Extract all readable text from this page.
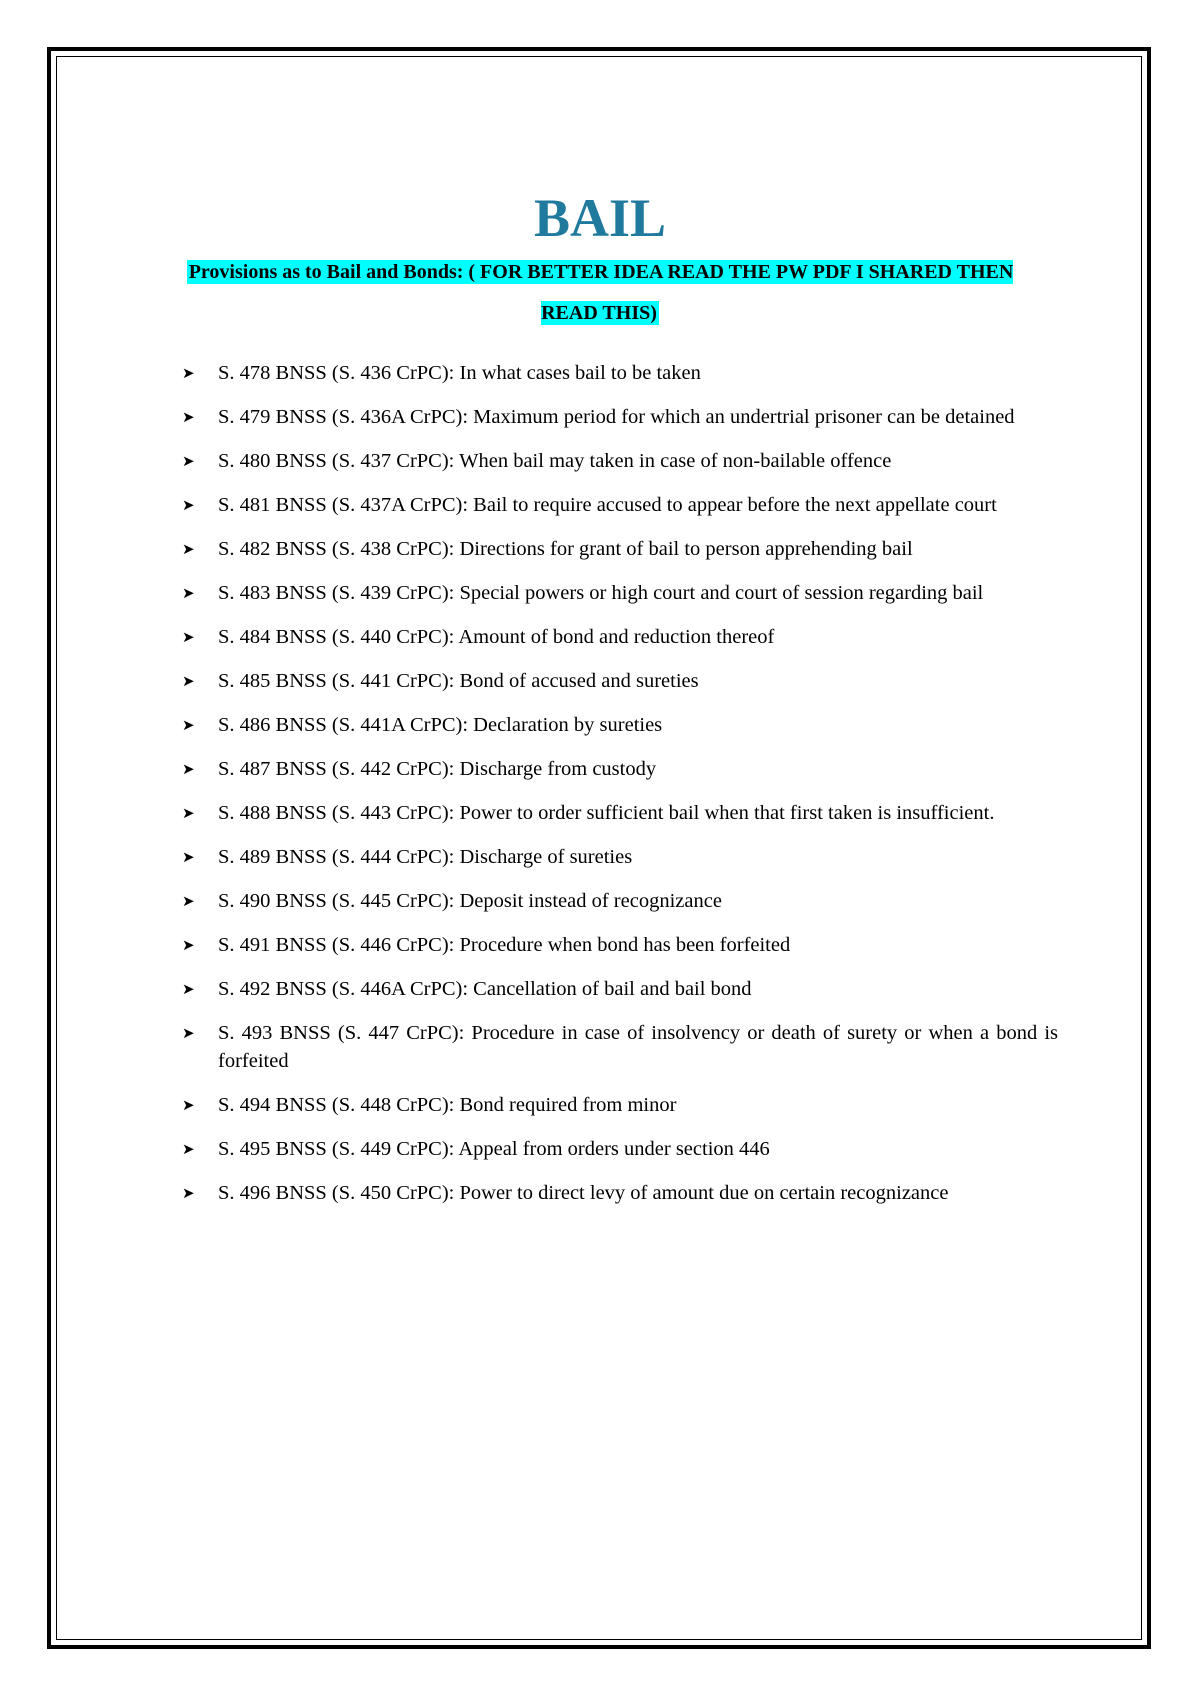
BAIL
Provisions as to Bail and Bonds: ( FOR BETTER IDEA READ THE PW PDF I SHARED THEN READ THIS)
➤ S. 478 BNSS (S. 436 CrPC): In what cases bail to be taken
➤ S. 479 BNSS (S. 436A CrPC): Maximum period for which an undertrial prisoner can be detained
➤ S. 480 BNSS (S. 437 CrPC): When bail may taken in case of non-bailable offence
➤ S. 481 BNSS (S. 437A CrPC): Bail to require accused to appear before the next appellate court
➤ S. 482 BNSS (S. 438 CrPC): Directions for grant of bail to person apprehending bail
➤ S. 483 BNSS (S. 439 CrPC): Special powers or high court and court of session regarding bail
➤ S. 484 BNSS (S. 440 CrPC): Amount of bond and reduction thereof
➤ S. 485 BNSS (S. 441 CrPC): Bond of accused and sureties
➤ S. 486 BNSS (S. 441A CrPC): Declaration by sureties
➤ S. 487 BNSS (S. 442 CrPC): Discharge from custody
➤ S. 488 BNSS (S. 443 CrPC): Power to order sufficient bail when that first taken is insufficient.
➤ S. 489 BNSS (S. 444 CrPC): Discharge of sureties
➤ S. 490 BNSS (S. 445 CrPC): Deposit instead of recognizance
➤ S. 491 BNSS (S. 446 CrPC): Procedure when bond has been forfeited
➤ S. 492 BNSS (S. 446A CrPC): Cancellation of bail and bail bond
➤ S. 493 BNSS (S. 447 CrPC): Procedure in case of insolvency or death of surety or when a bond is forfeited
➤ S. 494 BNSS (S. 448 CrPC): Bond required from minor
➤ S. 495 BNSS (S. 449 CrPC): Appeal from orders under section 446
➤ S. 496 BNSS (S. 450 CrPC): Power to direct levy of amount due on certain recognizance
